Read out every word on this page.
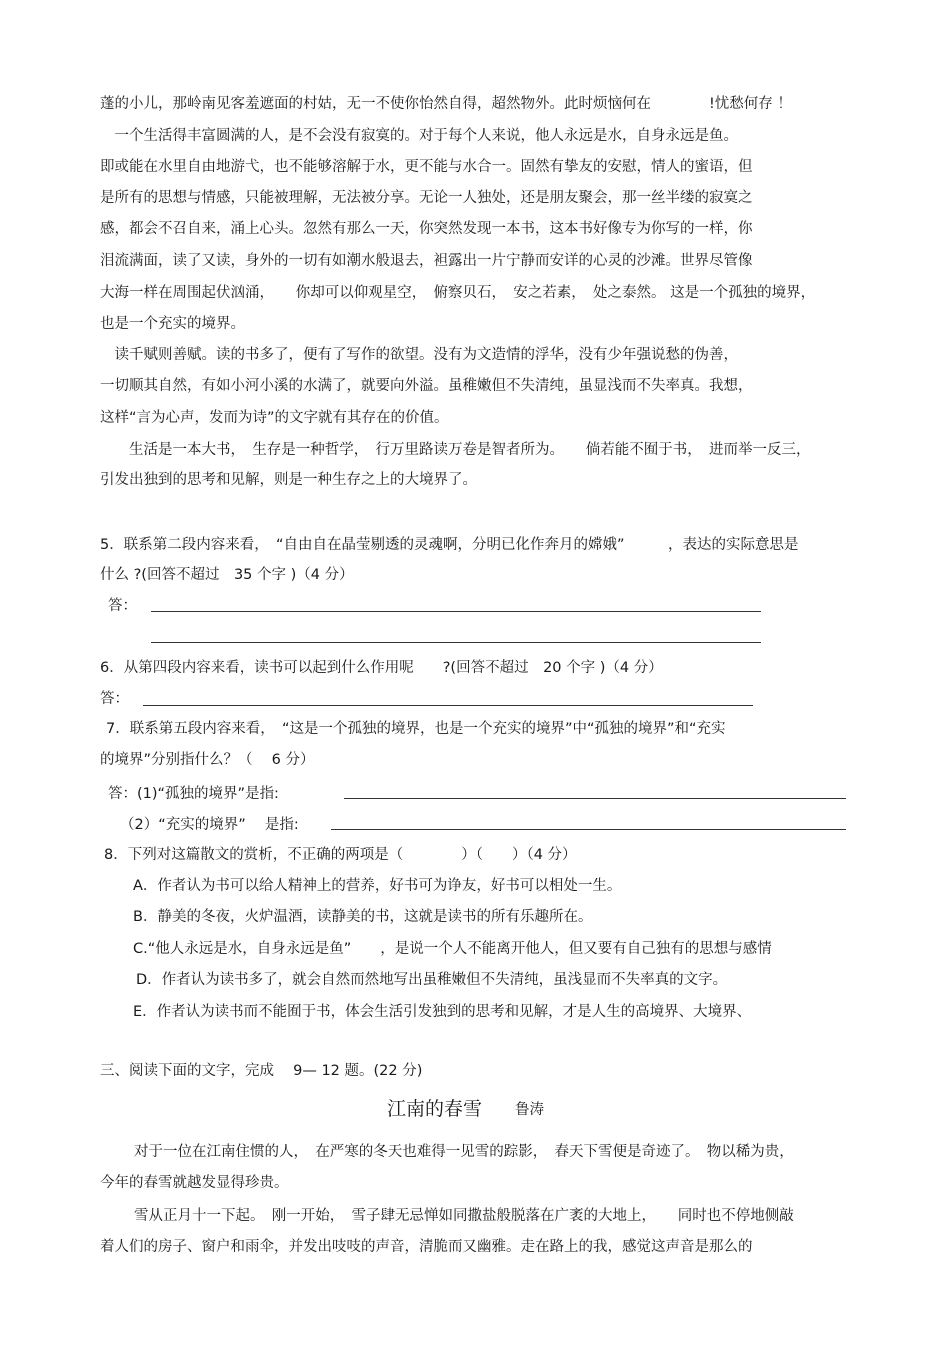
蓬的小儿，那岭南见客羞遮面的村姑，无一不使你怡然自得，超然物外。此时烦恼何在　　　　!忧愁何存 ！
　一个生活得丰富圆满的人，是不会没有寂寞的。对于每个人来说，他人永远是水，自身永远是鱼。
即或能在水里自由地游弋，也不能够溶解于水，更不能与水合一。固然有挚友的安慰，情人的蜜语，但
是所有的思想与情感，只能被理解，无法被分享。无论一人独处，还是朋友聚会，那一丝半缕的寂寞之
感，都会不召自来，涌上心头。忽然有那么一天，你突然发现一本书，这本书好像专为你写的一样，你
泪流满面，读了又读，身外的一切有如潮水般退去，袒露出一片宁静而安详的心灵的沙滩。世界尽管像
大海一样在周围起伏汹涌，　　你却可以仰观星空，　俯察贝石，　安之若素，　处之泰然。 这是一个孤独的境界，
也是一个充实的境界。
　读千赋则善赋。读的书多了，便有了写作的欲望。没有为文造情的浮华，没有少年强说愁的伪善，
一切顺其自然，有如小河小溪的水满了，就要向外溢。虽稚嫩但不失清纯，虽显浅而不失率真。我想，
这样“言为心声，发而为诗”的文字就有其存在的价值。
　　生活是一本大书，　生存是一种哲学，　行万里路读万卷是智者所为。　　倘若能不囿于书，　进而举一反三，
引发出独到的思考和见解，则是一种生存之上的大境界了。
5．联系第二段内容来看，　“自由自在晶莹剔透的灵魂啊，分明已化作奔月的嫦娥”　　　，表达的实际意思是
什么 ?(回答不超过　35 个字 )（4 分）
答：
6．从第四段内容来看，读书可以起到什么作用呢　　?(回答不超过　20 个字 )（4 分）
答：
7．联系第五段内容来看，　“这是一个孤独的境界，也是一个充实的境界”中“孤独的境界”和“充实
的境界”分别指什么？（　 6 分）
答：(1)“孤独的境界”是指:
（2）“充实的境界”　 是指:
8．下列对这篇散文的赏析，不正确的两项是（　　　　）（　　）（4 分）
A．作者认为书可以给人精神上的营养，好书可为诤友，好书可以相处一生。
B．静美的冬夜，火炉温酒，读静美的书，这就是读书的所有乐趣所在。
C.“他人永远是水，自身永远是鱼”　　，是说一个人不能离开他人，但又要有自己独有的思想与感情
D．作者认为读书多了，就会自然而然地写出虽稚嫩但不失清纯，虽浅显而不失率真的文字。
E．作者认为读书而不能囿于书，体会生活引发独到的思考和见解，才是人生的高境界、大境界、
三、阅读下面的文字，完成　 9— 12 题。(22 分)
江南的春雪 鲁涛
对于一位在江南住惯的人，　在严寒的冬天也难得一见雪的踪影，　春天下雪便是奇迹了。　物以稀为贵，
今年的春雪就越发显得珍贵。
雪从正月十一下起。　刚一开始，　雪子肆无忌惮如同撒盐般脱落在广袤的大地上，　　同时也不停地侧敲
着人们的房子、窗户和雨伞，并发出吱吱的声音，清脆而又幽雅。走在路上的我，感觉这声音是那么的
